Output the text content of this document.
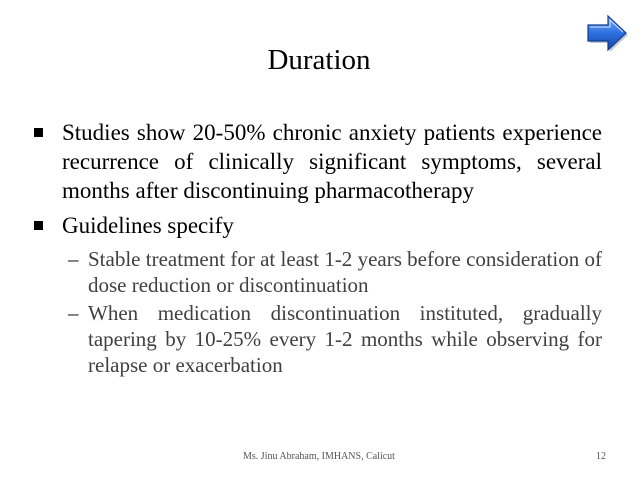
Duration
Studies show 20-50% chronic anxiety patients experience recurrence of clinically significant symptoms, several months after discontinuing pharmacotherapy
Guidelines specify
– Stable treatment for at least 1-2 years before consideration of dose reduction or discontinuation
– When medication discontinuation instituted, gradually tapering by 10-25% every 1-2 months while observing for relapse or exacerbation
Ms. Jinu Abraham, IMHANS, Calicut	12
